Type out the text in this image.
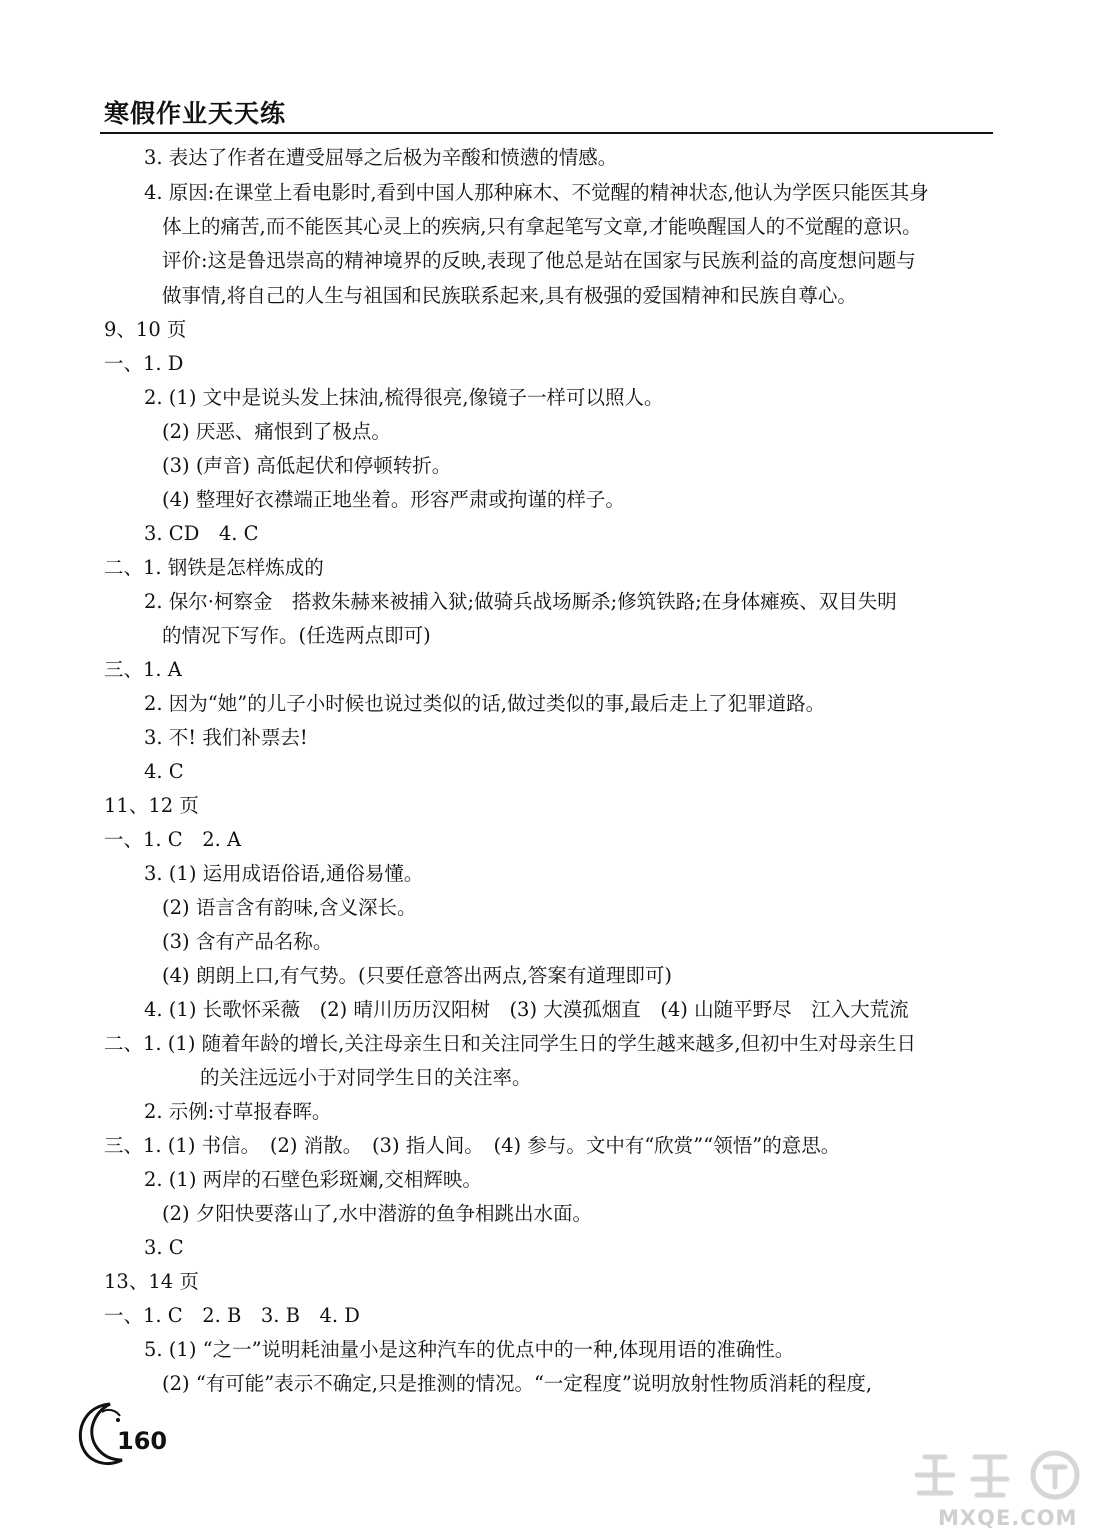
寒假作业天天练
3. 表达了作者在遭受屈辱之后极为辛酸和愤懑的情感。
4. 原因:在课堂上看电影时,看到中国人那种麻木、不觉醒的精神状态,他认为学医只能医其身
体上的痛苦,而不能医其心灵上的疾病,只有拿起笔写文章,才能唤醒国人的不觉醒的意识。
评价:这是鲁迅崇高的精神境界的反映,表现了他总是站在国家与民族利益的高度想问题与
做事情,将自己的人生与祖国和民族联系起来,具有极强的爱国精神和民族自尊心。
9、10 页
一、1. D
2. (1) 文中是说头发上抹油,梳得很亮,像镜子一样可以照人。
(2) 厌恶、痛恨到了极点。
(3) (声音) 高低起伏和停顿转折。
(4) 整理好衣襟端正地坐着。形容严肃或拘谨的样子。
3. CD　4. C
二、1. 钢铁是怎样炼成的
2. 保尔·柯察金　搭救朱赫来被捕入狱;做骑兵战场厮杀;修筑铁路;在身体瘫痪、双目失明
的情况下写作。(任选两点即可)
三、1. A
2. 因为“她”的儿子小时候也说过类似的话,做过类似的事,最后走上了犯罪道路。
3. 不! 我们补票去!
4. C
11、12 页
一、1. C　2. A
3. (1) 运用成语俗语,通俗易懂。
(2) 语言含有韵味,含义深长。
(3) 含有产品名称。
(4) 朗朗上口,有气势。(只要任意答出两点,答案有道理即可)
4. (1) 长歌怀采薇　(2) 晴川历历汉阳树　(3) 大漠孤烟直　(4) 山随平野尽　江入大荒流
二、1. (1) 随着年龄的增长,关注母亲生日和关注同学生日的学生越来越多,但初中生对母亲生日
的关注远远小于对同学生日的关注率。
2. 示例:寸草报春晖。
三、1. (1) 书信。　(2) 消散。　(3) 指人间。　(4) 参与。文中有“欣赏”“领悟”的意思。
2. (1) 两岸的石壁色彩斑斓,交相辉映。
(2) 夕阳快要落山了,水中潜游的鱼争相跳出水面。
3. C
13、14 页
一、1. C　2. B　3. B　4. D
5. (1) “之一”说明耗油量小是这种汽车的优点中的一种,体现用语的准确性。
(2) “有可能”表示不确定,只是推测的情况。“一定程度”说明放射性物质消耗的程度,
160
MXQE.COM
